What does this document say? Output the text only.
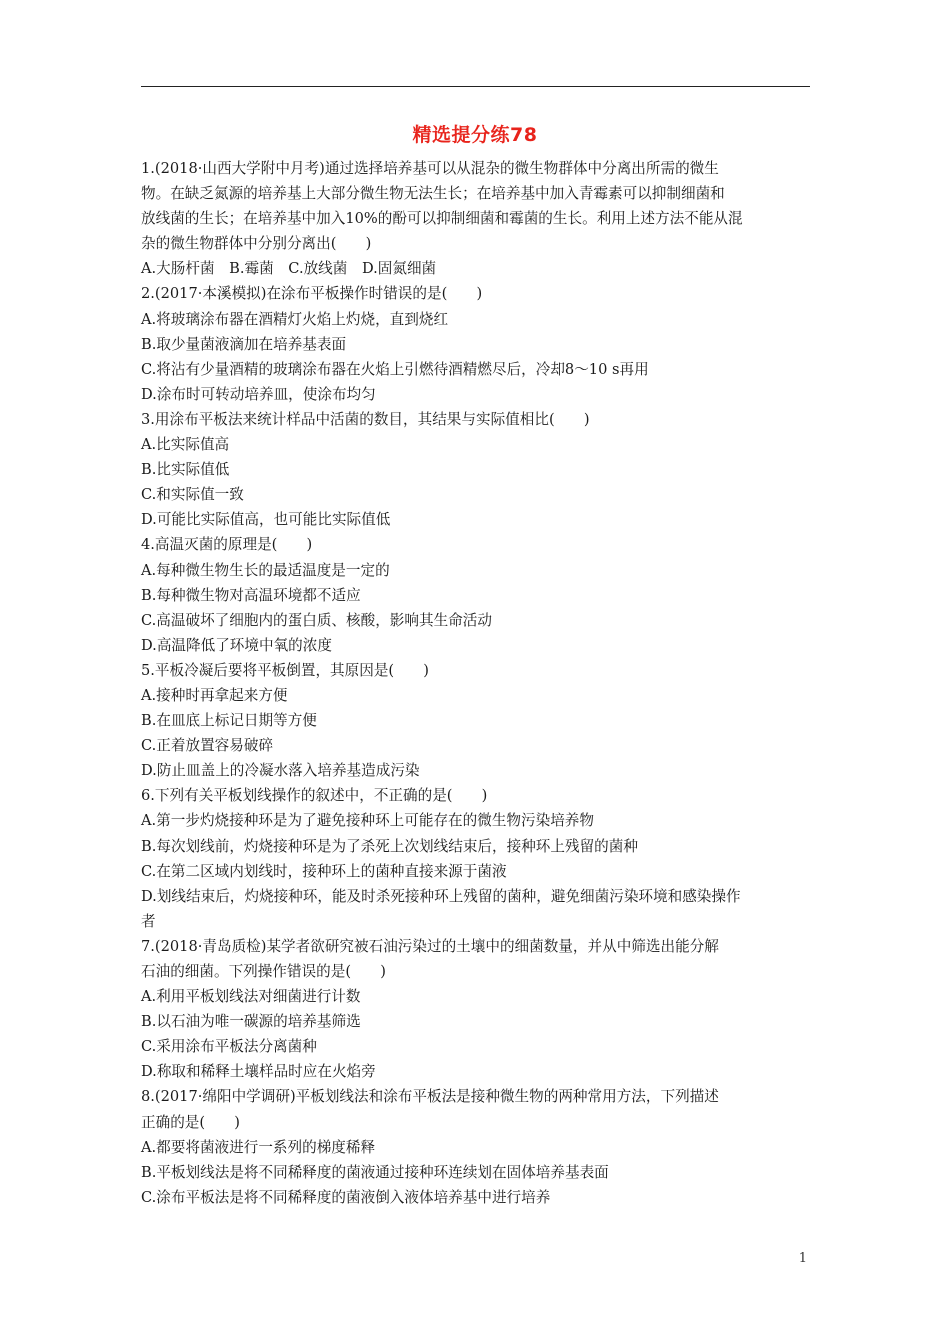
精选提分练78
1.(2018·山西大学附中月考)通过选择培养基可以从混杂的微生物群体中分离出所需的微生
物。在缺乏氮源的培养基上大部分微生物无法生长；在培养基中加入青霉素可以抑制细菌和
放线菌的生长；在培养基中加入10%的酚可以抑制细菌和霉菌的生长。利用上述方法不能从混
杂的微生物群体中分别分离出(　　)
A.大肠杆菌　B.霉菌　C.放线菌　D.固氮细菌
2.(2017·本溪模拟)在涂布平板操作时错误的是(　　)
A.将玻璃涂布器在酒精灯火焰上灼烧，直到烧红
B.取少量菌液滴加在培养基表面
C.将沾有少量酒精的玻璃涂布器在火焰上引燃待酒精燃尽后，冷却8～10 s再用
D.涂布时可转动培养皿，使涂布均匀
3.用涂布平板法来统计样品中活菌的数目，其结果与实际值相比(　　)
A.比实际值高
B.比实际值低
C.和实际值一致
D.可能比实际值高，也可能比实际值低
4.高温灭菌的原理是(　　)
A.每种微生物生长的最适温度是一定的
B.每种微生物对高温环境都不适应
C.高温破坏了细胞内的蛋白质、核酸，影响其生命活动
D.高温降低了环境中氧的浓度
5.平板冷凝后要将平板倒置，其原因是(　　)
A.接种时再拿起来方便
B.在皿底上标记日期等方便
C.正着放置容易破碎
D.防止皿盖上的冷凝水落入培养基造成污染
6.下列有关平板划线操作的叙述中，不正确的是(　　)
A.第一步灼烧接种环是为了避免接种环上可能存在的微生物污染培养物
B.每次划线前，灼烧接种环是为了杀死上次划线结束后，接种环上残留的菌种
C.在第二区域内划线时，接种环上的菌种直接来源于菌液
D.划线结束后，灼烧接种环，能及时杀死接种环上残留的菌种，避免细菌污染环境和感染操作
者
7.(2018·青岛质检)某学者欲研究被石油污染过的土壤中的细菌数量，并从中筛选出能分解
石油的细菌。下列操作错误的是(　　)
A.利用平板划线法对细菌进行计数
B.以石油为唯一碳源的培养基筛选
C.采用涂布平板法分离菌种
D.称取和稀释土壤样品时应在火焰旁
8.(2017·绵阳中学调研)平板划线法和涂布平板法是接种微生物的两种常用方法，下列描述
正确的是(　　)
A.都要将菌液进行一系列的梯度稀释
B.平板划线法是将不同稀释度的菌液通过接种环连续划在固体培养基表面
C.涂布平板法是将不同稀释度的菌液倒入液体培养基中进行培养
1
